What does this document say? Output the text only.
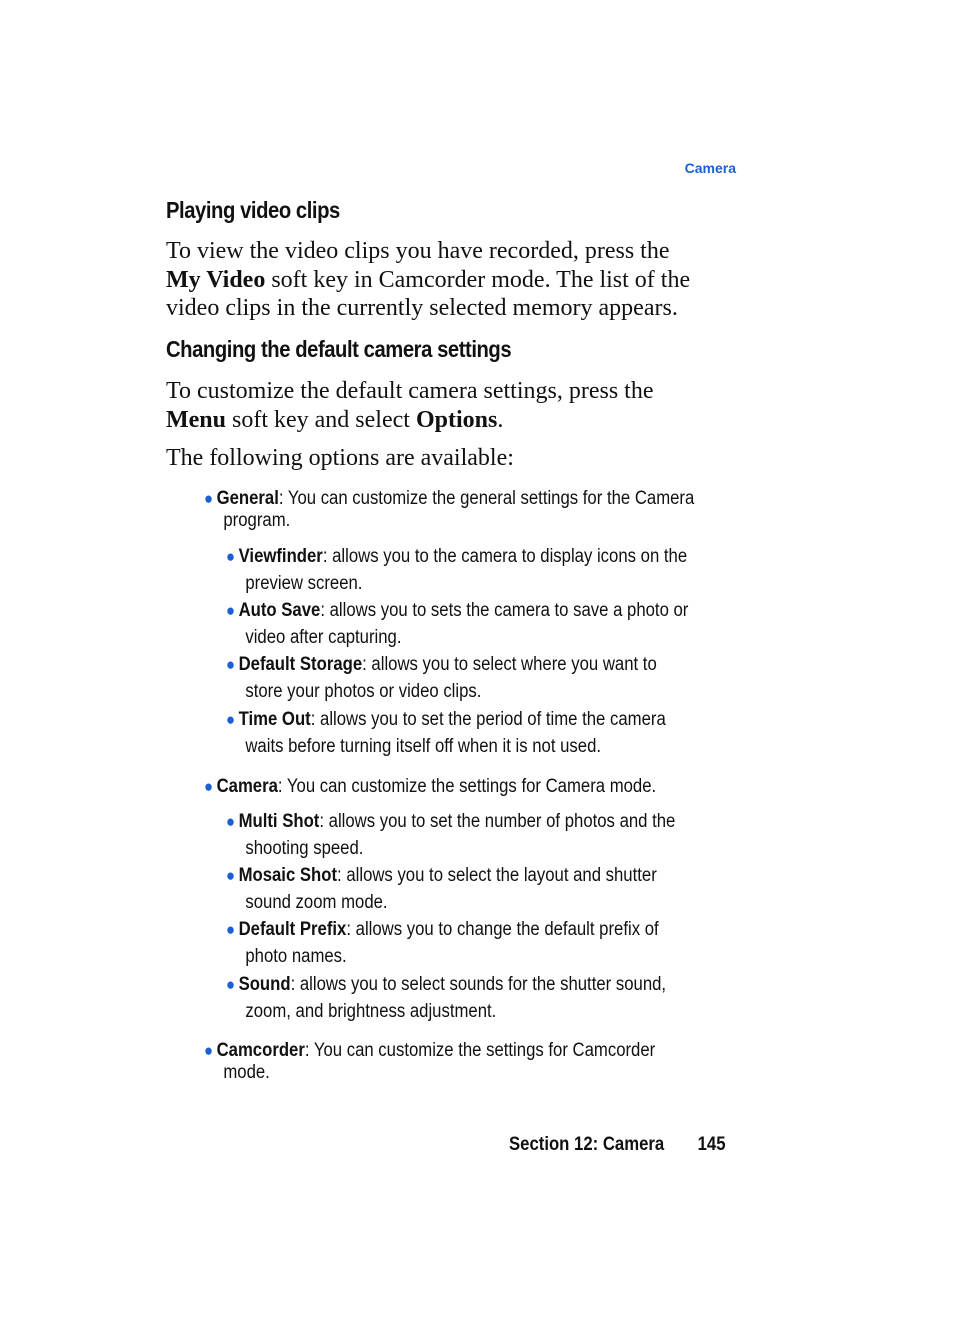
Camera
Playing video clips
To view the video clips you have recorded, press the
My Video soft key in Camcorder mode. The list of the
video clips in the currently selected memory appears.
Changing the default camera settings
To customize the default camera settings, press the
Menu soft key and select Options.
The following options are available:
● General: You can customize the general settings for the Camera
program.
● Viewfinder: allows you to the camera to display icons on the
preview screen.
● Auto Save: allows you to sets the camera to save a photo or
video after capturing.
● Default Storage: allows you to select where you want to
store your photos or video clips.
● Time Out: allows you to set the period of time the camera
waits before turning itself off when it is not used.
● Camera: You can customize the settings for Camera mode.
● Multi Shot: allows you to set the number of photos and the
shooting speed.
● Mosaic Shot: allows you to select the layout and shutter
sound zoom mode.
● Default Prefix: allows you to change the default prefix of
photo names.
● Sound: allows you to select sounds for the shutter sound,
zoom, and brightness adjustment.
● Camcorder: You can customize the settings for Camcorder
mode.
Section 12: Camera 145
